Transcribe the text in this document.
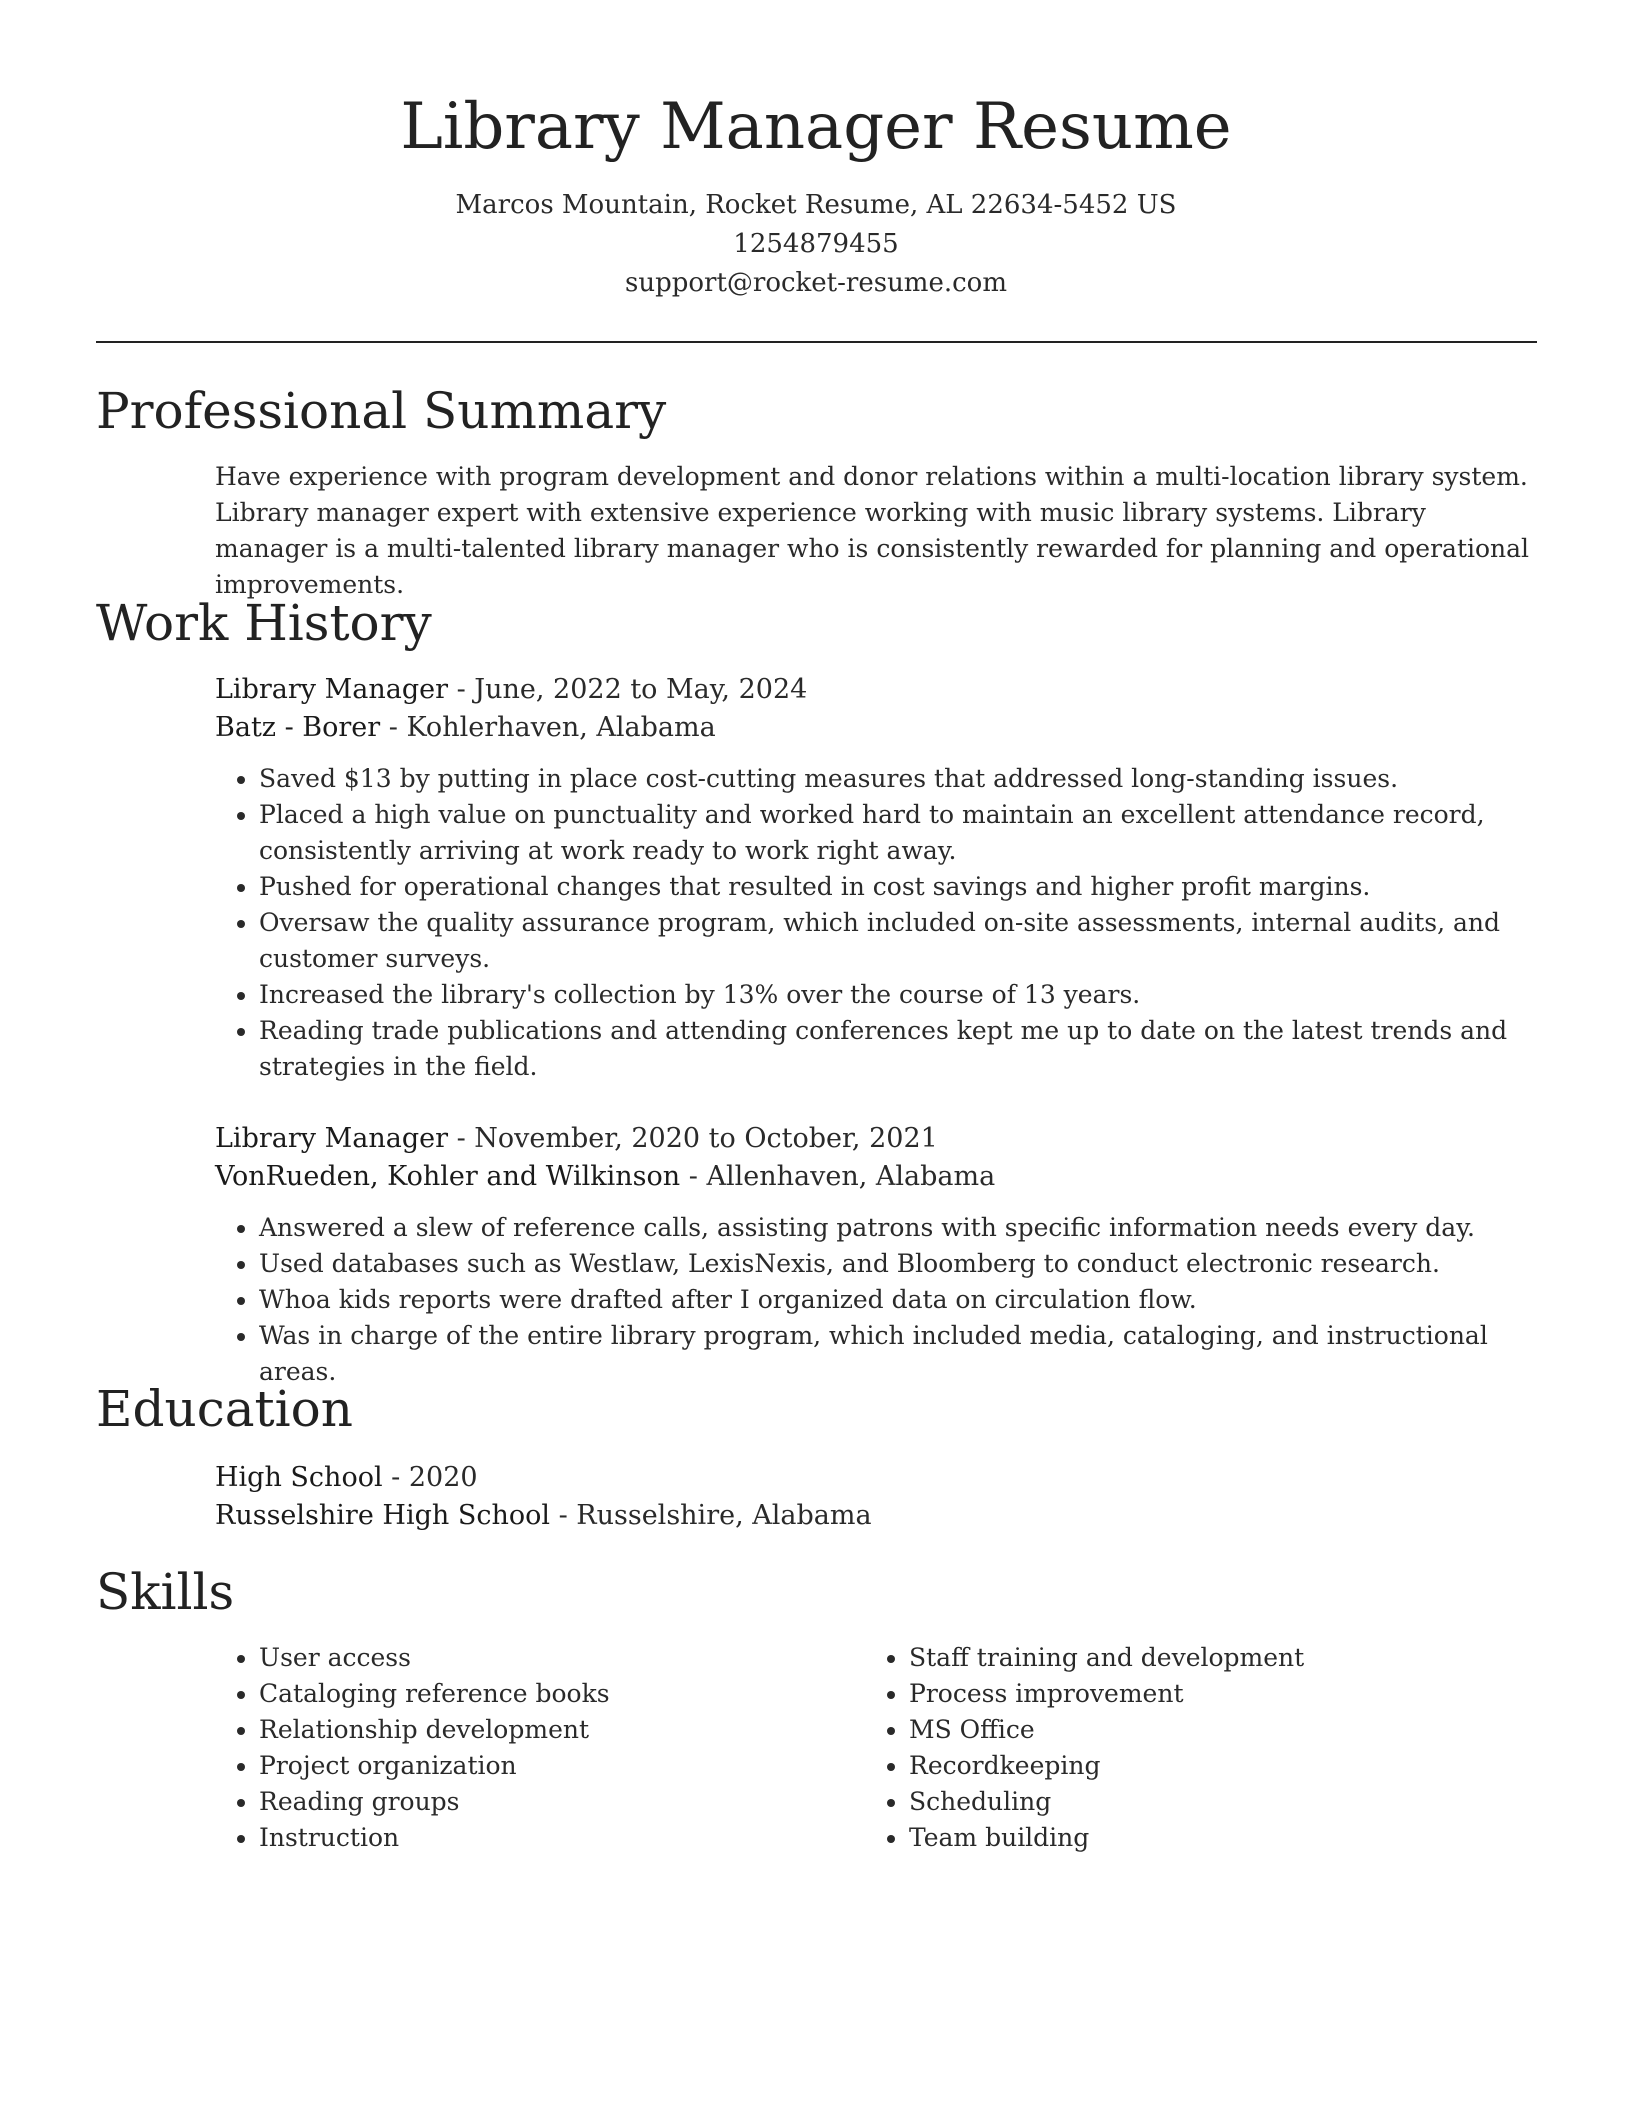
Library Manager Resume
Marcos Mountain, Rocket Resume, AL 22634-5452 US
1254879455
support@rocket-resume.com
Professional Summary

Have experience with program development and donor relations within a multi-location library system. Library manager expert with extensive experience working with music library systems. Library manager is a multi-talented library manager who is consistently rewarded for planning and operational improvements.

Work History
Library Manager - June, 2022 to May, 2024
Batz - Borer - Kohlerhaven, Alabama
• Saved $13 by putting in place cost-cutting measures that addressed long-standing issues.
• Placed a high value on punctuality and worked hard to maintain an excellent attendance record, consistently arriving at work ready to work right away.
• Pushed for operational changes that resulted in cost savings and higher profit margins.
• Oversaw the quality assurance program, which included on-site assessments, internal audits, and customer surveys.
• Increased the library's collection by 13% over the course of 13 years.
• Reading trade publications and attending conferences kept me up to date on the latest trends and strategies in the field.
Library Manager - November, 2020 to October, 2021
VonRueden, Kohler and Wilkinson - Allenhaven, Alabama
• Answered a slew of reference calls, assisting patrons with specific information needs every day.
• Used databases such as Westlaw, LexisNexis, and Bloomberg to conduct electronic research.
• Whoa kids reports were drafted after I organized data on circulation flow.
• Was in charge of the entire library program, which included media, cataloging, and instructional areas.
Education
High School - 2020
Russelshire High School - Russelshire, Alabama
Skills
• User access
• Cataloging reference books
• Relationship development
• Project organization
• Reading groups
• Instruction
• Staff training and development
• Process improvement
• MS Office
• Recordkeeping
• Scheduling
• Team building
